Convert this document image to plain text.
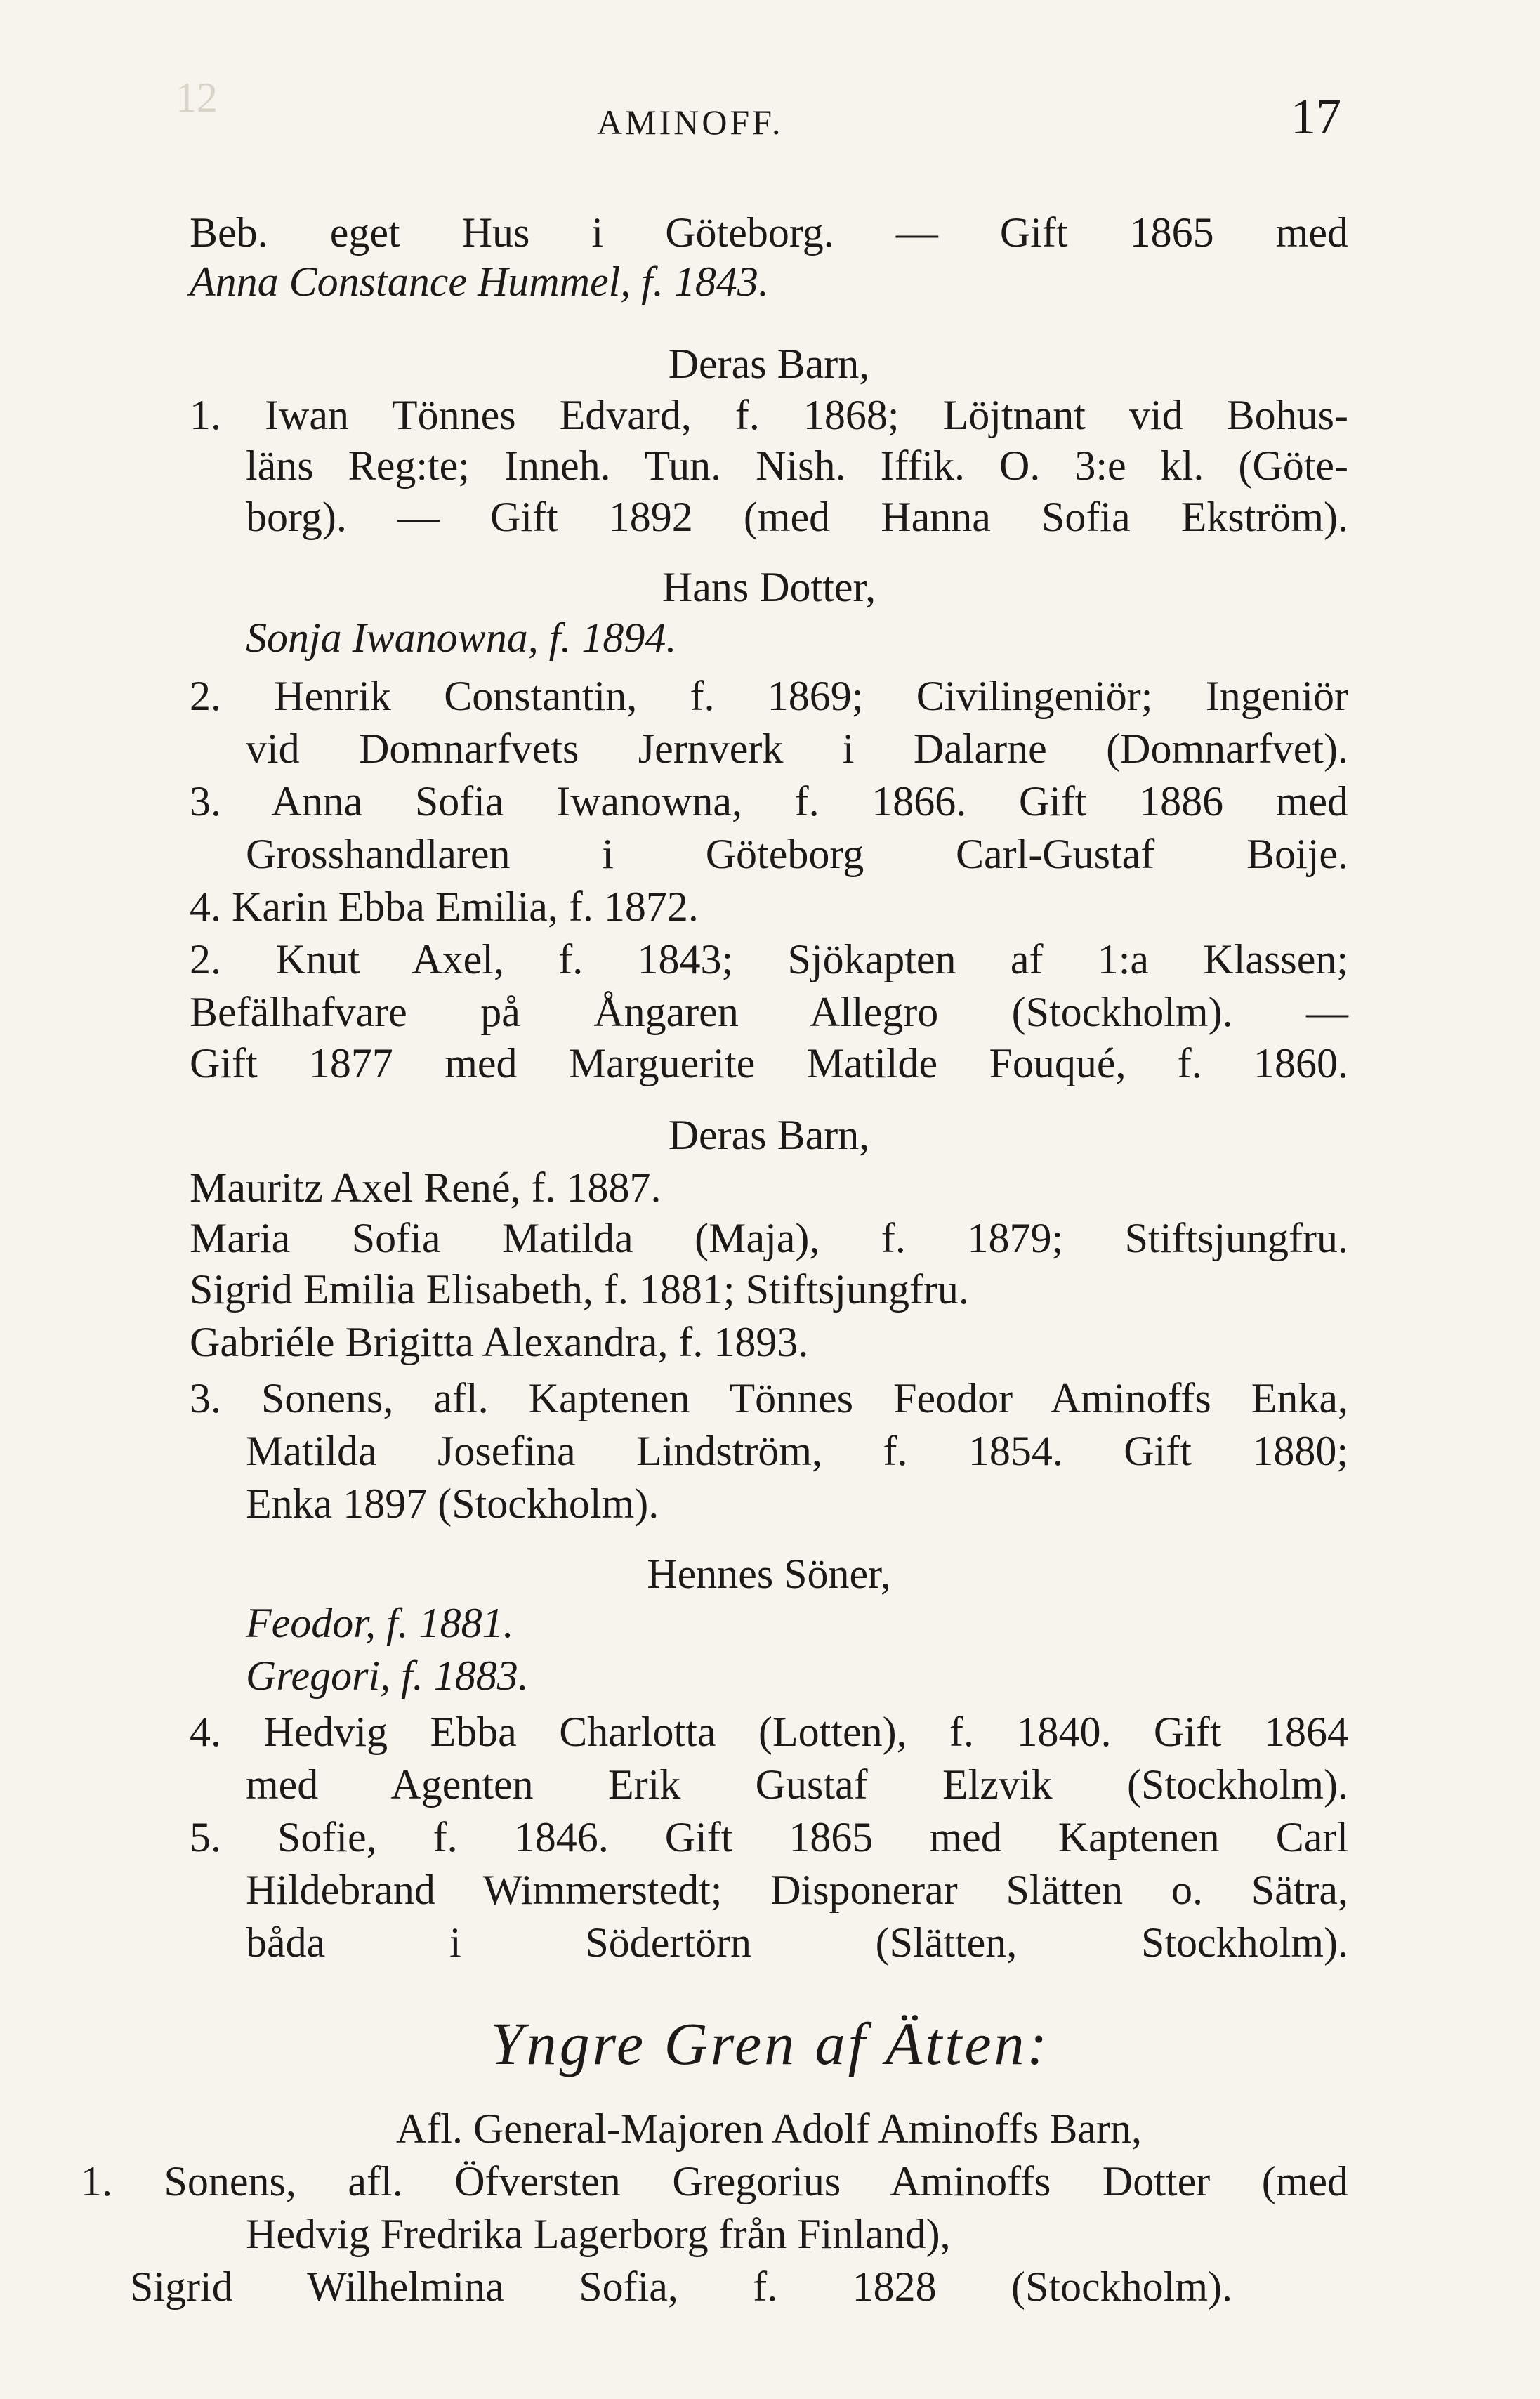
12
AMINOFF.	17
Beb. eget Hus i Göteborg. — Gift 1865 med
Anna Constance Hummel, f. 1843.
Deras Barn,
1. Iwan Tönnes Edvard, f. 1868; Löjtnant vid Bohus-
läns Reg:te; Inneh. Tun. Nish. Iffik. O. 3:e kl. (Göte-
borg). — Gift 1892 (med Hanna Sofia Ekström).
Hans Dotter,
Sonja Iwanowna, f. 1894.
2. Henrik Constantin, f. 1869; Civilingeniör; Ingeniör
vid Domnarfvets Jernverk i Dalarne (Domnarfvet).
3. Anna Sofia Iwanowna, f. 1866. Gift 1886 med
Grosshandlaren i Göteborg Carl-Gustaf Boije.
4. Karin Ebba Emilia, f. 1872.
2. Knut Axel, f. 1843; Sjökapten af 1:a Klassen;
Befälhafvare på Ångaren Allegro (Stockholm). —
Gift 1877 med Marguerite Matilde Fouqué, f. 1860.
Deras Barn,
Mauritz Axel René, f. 1887.
Maria Sofia Matilda (Maja), f. 1879; Stiftsjungfru.
Sigrid Emilia Elisabeth, f. 1881; Stiftsjungfru.
Gabriéle Brigitta Alexandra, f. 1893.
3. Sonens, afl. Kaptenen Tönnes Feodor Aminoffs Enka,
Matilda Josefina Lindström, f. 1854. Gift 1880;
Enka 1897 (Stockholm).
Hennes Söner,
Feodor, f. 1881.
Gregori, f. 1883.
4. Hedvig Ebba Charlotta (Lotten), f. 1840. Gift 1864
med Agenten Erik Gustaf Elzvik (Stockholm).
5. Sofie, f. 1846. Gift 1865 med Kaptenen Carl
Hildebrand Wimmerstedt; Disponerar Slätten o. Sätra,
båda i Södertörn (Slätten, Stockholm).
Yngre Gren af Ätten:
Afl. General-Majoren Adolf Aminoffs Barn,
1. Sonens, afl. Öfversten Gregorius Aminoffs Dotter (med
Hedvig Fredrika Lagerborg från Finland),
Sigrid Wilhelmina Sofia, f. 1828 (Stockholm).
